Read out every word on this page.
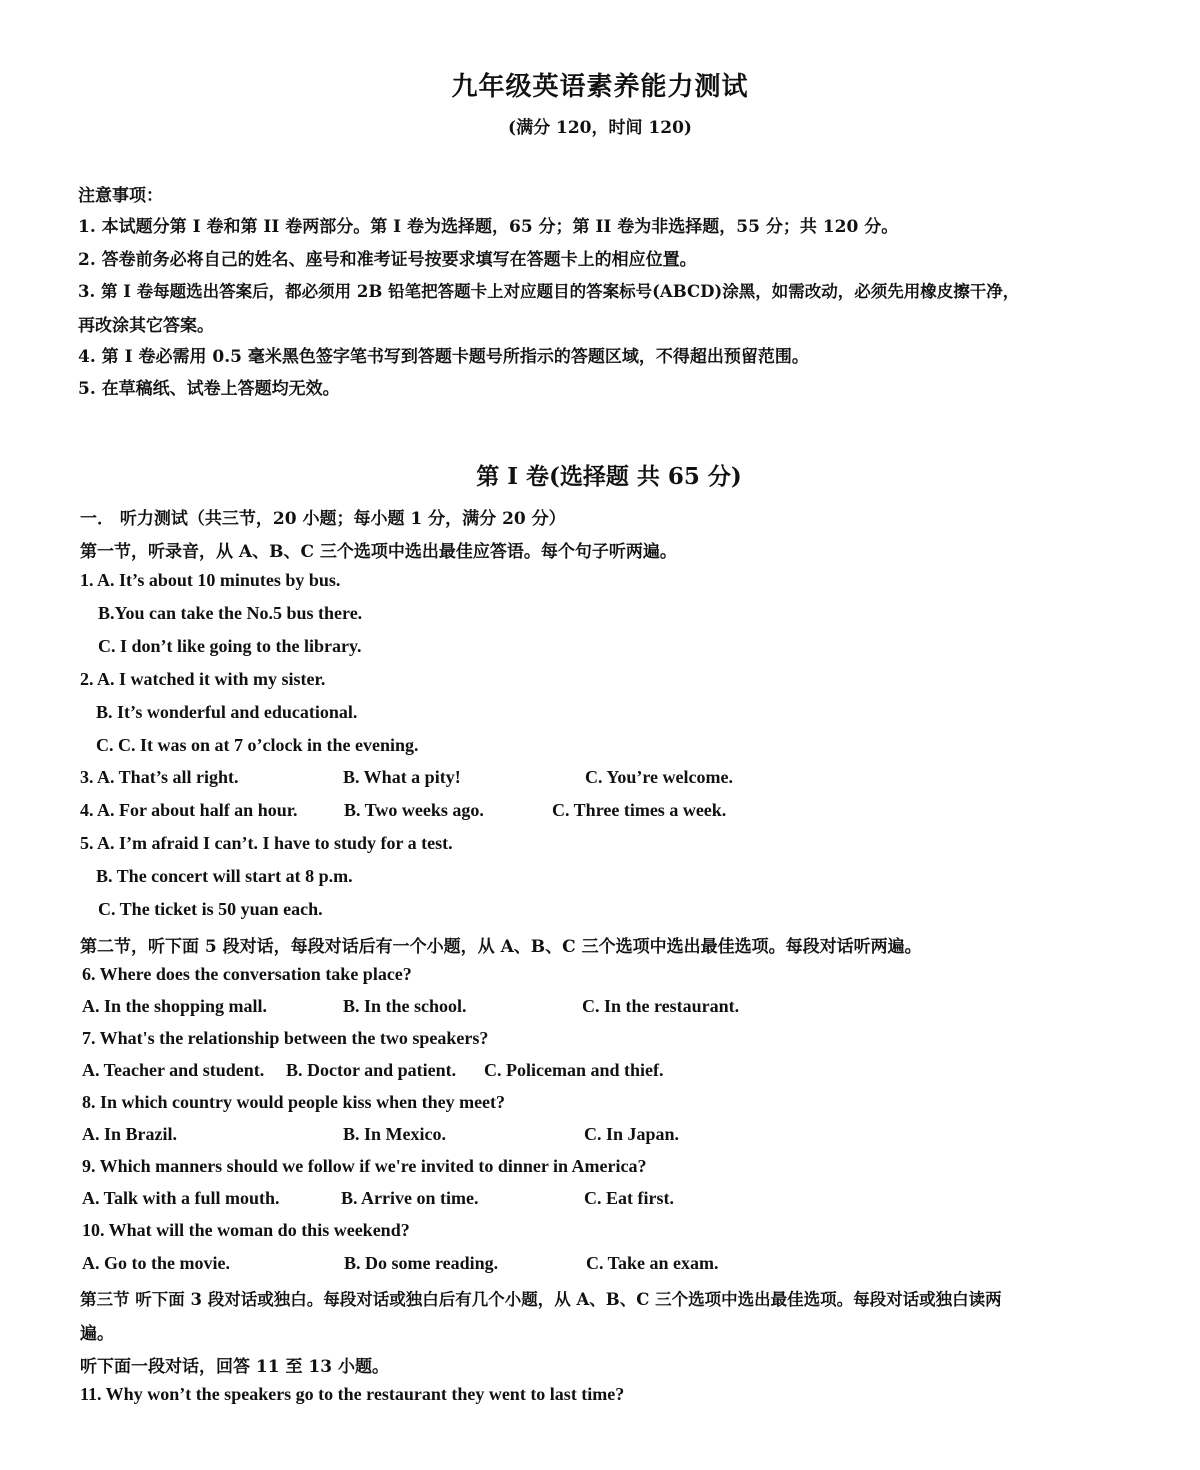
九年级英语素养能力测试
(满分 120，时间 120)
注意事项：
1. 本试题分第 I 卷和第 II 卷两部分。第 I 卷为选择题，65 分；第 II 卷为非选择题，55 分；共 120 分。
2. 答卷前务必将自己的姓名、座号和准考证号按要求填写在答题卡上的相应位置。
3. 第 I 卷每题选出答案后，都必须用 2B 铅笔把答题卡上对应题目的答案标号(ABCD)涂黑，如需改动，必须先用橡皮擦干净，
再改涂其它答案。
4. 第 I 卷必需用 0.5 毫米黑色签字笔书写到答题卡题号所指示的答题区域，不得超出预留范围。
5. 在草稿纸、试卷上答题均无效。
第 I 卷(选择题 共 65 分)
一． 听力测试（共三节，20 小题；每小题 1 分，满分 20 分）
第一节，听录音，从 A、B、C 三个选项中选出最佳应答语。每个句子听两遍。
1. A. It’s about 10 minutes by bus.
B.You can take the No.5 bus there.
C. I don’t like going to the library.
2. A. I watched it with my sister.
B. It’s wonderful and educational.
C. C. It was on at 7 o’clock in the evening.
3. A. That’s all right.	B. What a pity!	C. You’re welcome.
4. A. For about half an hour.	B. Two weeks ago.	C. Three times a week.
5. A. I’m afraid I can’t. I have to study for a test.
B. The concert will start at 8 p.m.
C. The ticket is 50 yuan each.
第二节，听下面 5 段对话，每段对话后有一个小题，从 A、B、C 三个选项中选出最佳选项。每段对话听两遍。
6. Where does the conversation take place?
A. In the shopping mall.	B. In the school.	C. In the restaurant.
7. What's the relationship between the two speakers?
A. Teacher and student. B. Doctor and patient. C. Policeman and thief.
8. In which country would people kiss when they meet?
A. In Brazil.	B. In Mexico.	C. In Japan.
9. Which manners should we follow if we're invited to dinner in America?
A. Talk with a full mouth.	B. Arrive on time.	C. Eat first.
10. What will the woman do this weekend?
A. Go to the movie.	B. Do some reading.	C. Take an exam.
第三节 听下面 3 段对话或独白。每段对话或独白后有几个小题，从 A、B、C 三个选项中选出最佳选项。每段对话或独白读两
遍。
听下面一段对话，回答 11 至 13 小题。
11. Why won’t the speakers go to the restaurant they went to last time?
